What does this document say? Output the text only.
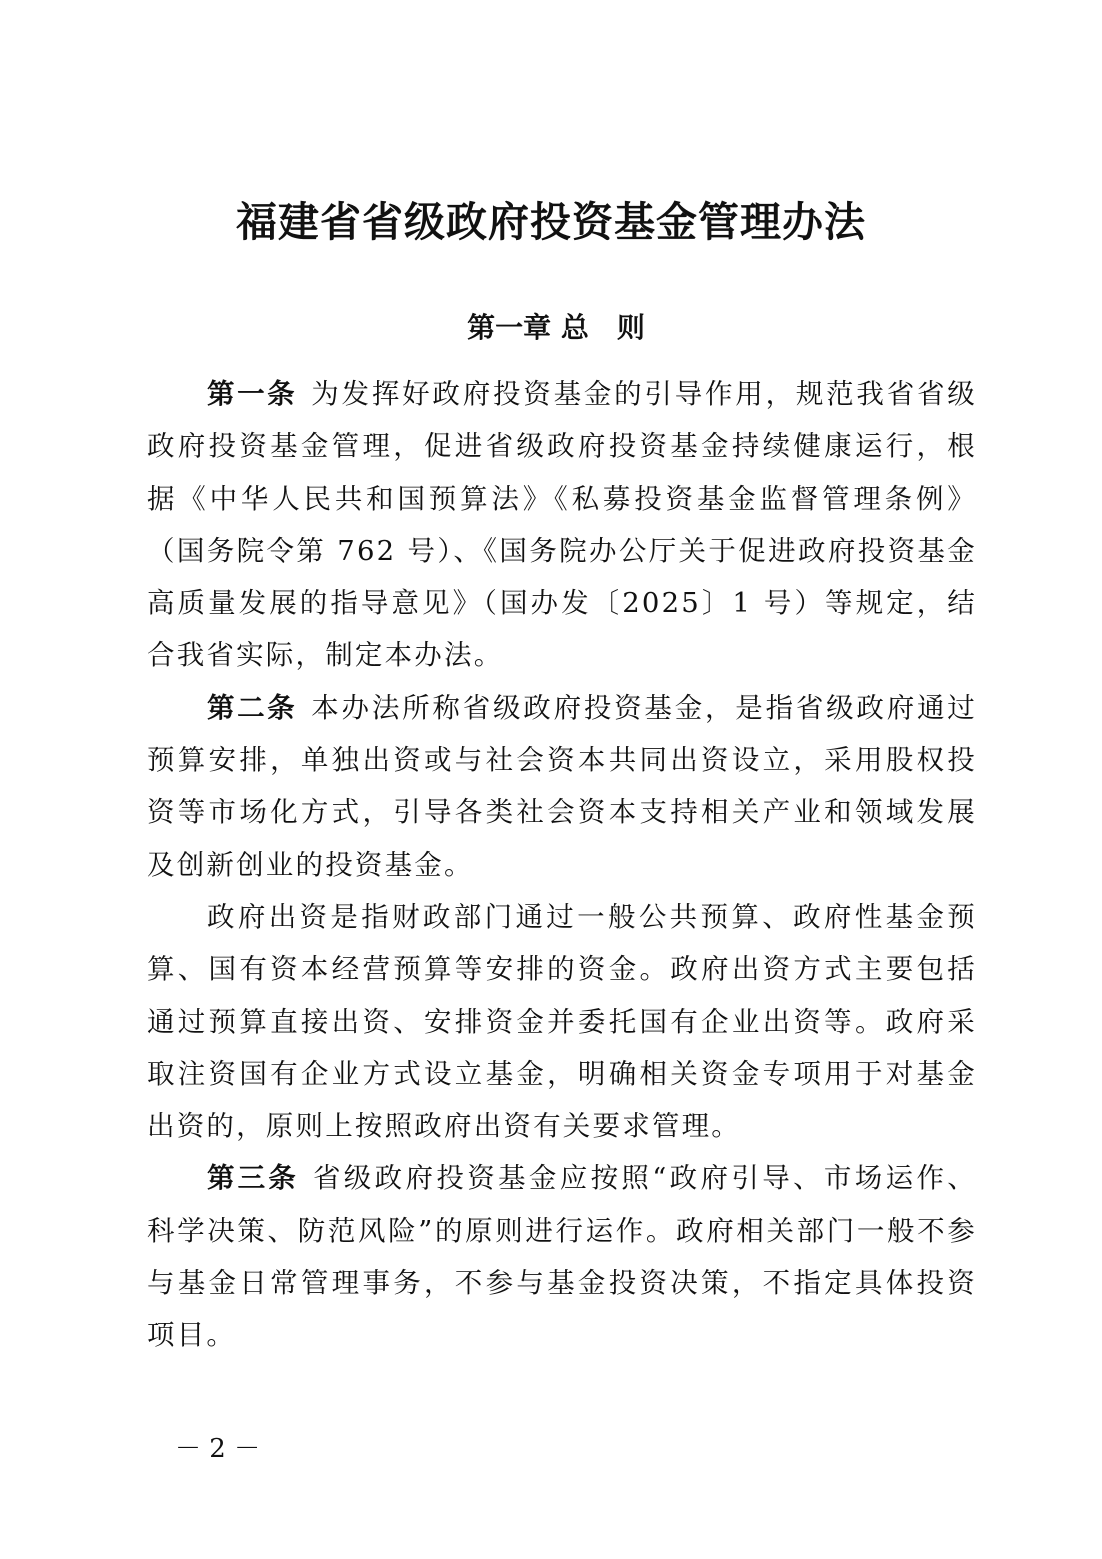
福建省省级政府投资基金管理办法
第一章 总　则

第一条 为发挥好政府投资基金的引导作用，规范我省省级政府投资基金管理，促进省级政府投资基金持续健康运行，根据《中华人民共和国预算法》《私募投资基金监督管理条例》（国务院令第 762 号）、《国务院办公厅关于促进政府投资基金高质量发展的指导意见》（国办发〔2025〕1 号）等规定，结合我省实际，制定本办法。

第二条 本办法所称省级政府投资基金，是指省级政府通过预算安排，单独出资或与社会资本共同出资设立，采用股权投资等市场化方式，引导各类社会资本支持相关产业和领域发展及创新创业的投资基金。

政府出资是指财政部门通过一般公共预算、政府性基金预算、国有资本经营预算等安排的资金。政府出资方式主要包括通过预算直接出资、安排资金并委托国有企业出资等。政府采取注资国有企业方式设立基金，明确相关资金专项用于对基金出资的，原则上按照政府出资有关要求管理。

第三条 省级政府投资基金应按照“政府引导、市场运作、科学决策、防范风险”的原则进行运作。政府相关部门一般不参与基金日常管理事务，不参与基金投资决策，不指定具体投资项目。

－ 2 －
